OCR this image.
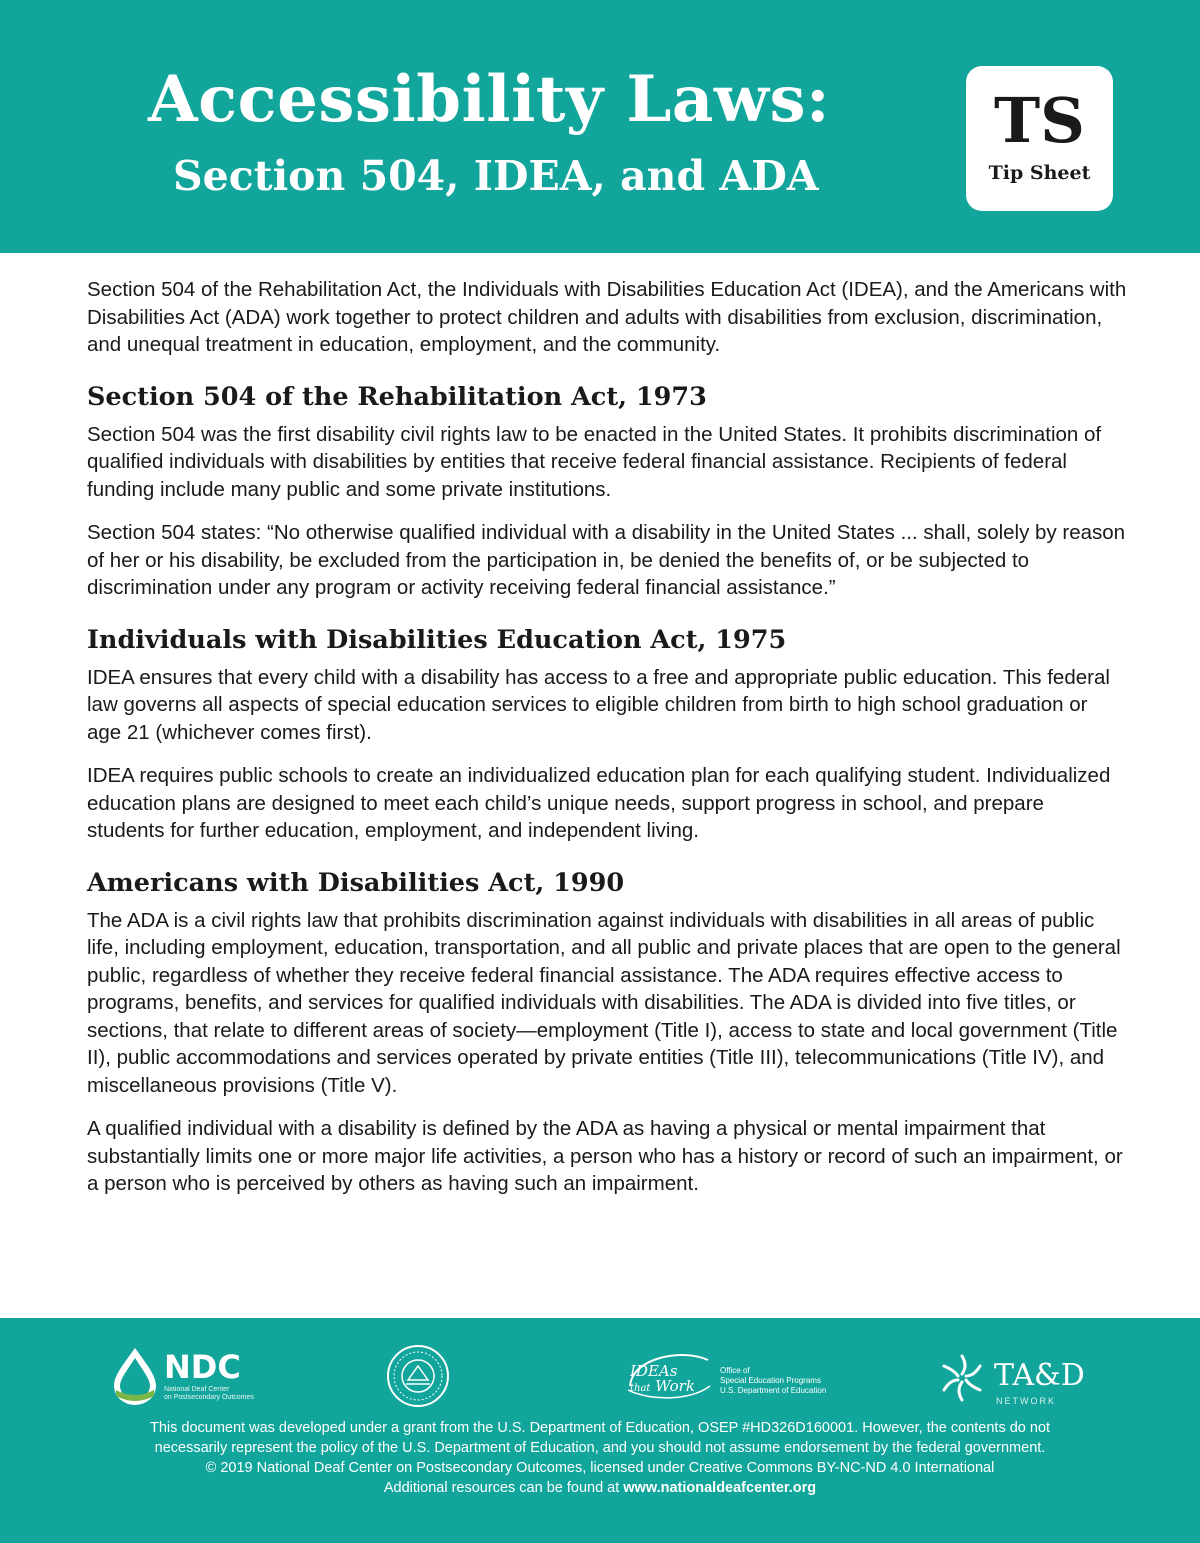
Accessibility Laws:
Section 504, IDEA, and ADA
TS
Tip Sheet

Section 504 of the Rehabilitation Act, the Individuals with Disabilities Education Act (IDEA), and the Americans with Disabilities Act (ADA) work together to protect children and adults with disabilities from exclusion, discrimination, and unequal treatment in education, employment, and the community.

Section 504 of the Rehabilitation Act, 1973

Section 504 was the first disability civil rights law to be enacted in the United States. It prohibits discrimination of qualified individuals with disabilities by entities that receive federal financial assistance. Recipients of federal funding include many public and some private institutions.

Section 504 states: “No otherwise qualified individual with a disability in the United States ... shall, solely by reason of her or his disability, be excluded from the participation in, be denied the benefits of, or be subjected to discrimination under any program or activity receiving federal financial assistance.”

Individuals with Disabilities Education Act, 1975

IDEA ensures that every child with a disability has access to a free and appropriate public education. This federal law governs all aspects of special education services to eligible children from birth to high school graduation or age 21 (whichever comes first).

IDEA requires public schools to create an individualized education plan for each qualifying student. Individualized education plans are designed to meet each child’s unique needs, support progress in school, and prepare students for further education, employment, and independent living.

Americans with Disabilities Act, 1990

The ADA is a civil rights law that prohibits discrimination against individuals with disabilities in all areas of public life, including employment, education, transportation, and all public and private places that are open to the general public, regardless of whether they receive federal financial assistance. The ADA requires effective access to programs, benefits, and services for qualified individuals with disabilities. The ADA is divided into five titles, or sections, that relate to different areas of society—employment (Title I), access to state and local government (Title II), public accommodations and services operated by private entities (Title III), telecommunications (Title IV), and miscellaneous provisions (Title V).

A qualified individual with a disability is defined by the ADA as having a physical or mental impairment that substantially limits one or more major life activities, a person who has a history or record of such an impairment, or a person who is perceived by others as having such an impairment.

NDC
National Deaf Center
on Postsecondary Outcomes
IDEAs
that Work
Office of
Special Education Programs
U.S. Department of Education	TA&D
NETWORK
This document was developed under a grant from the U.S. Department of Education, OSEP #HD326D160001. However, the contents do not
necessarily represent the policy of the U.S. Department of Education, and you should not assume endorsement by the federal government.
© 2019 National Deaf Center on Postsecondary Outcomes, licensed under Creative Commons BY-NC-ND 4.0 International
Additional resources can be found at www.nationaldeafcenter.org
